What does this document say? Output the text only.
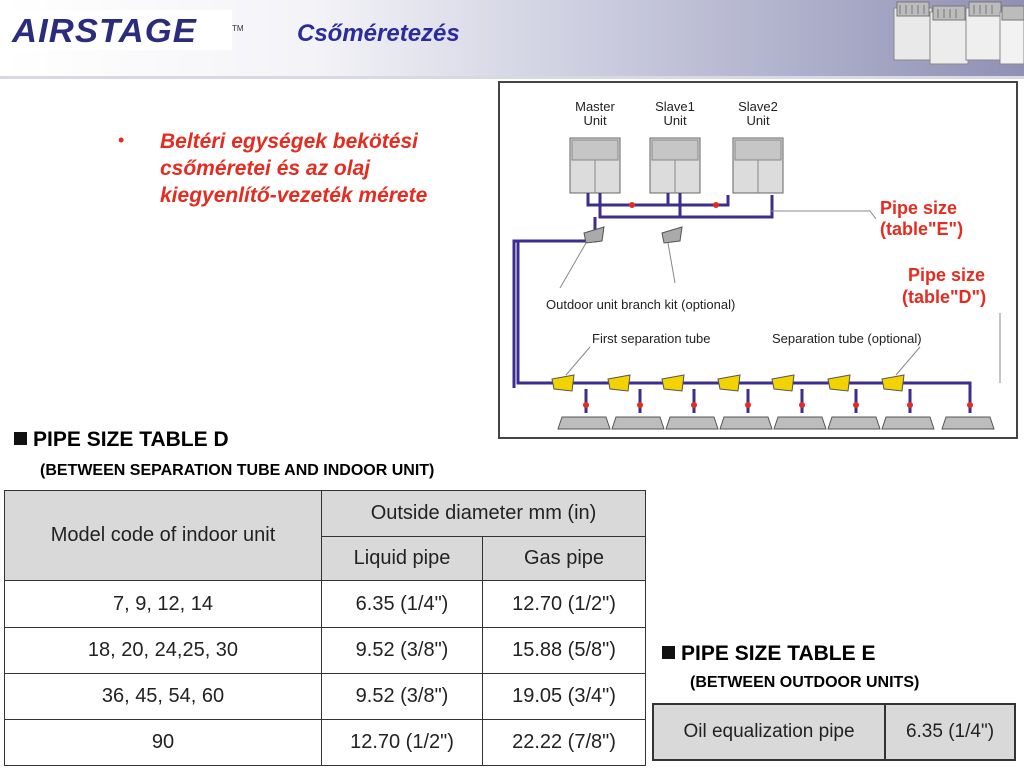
AIRSTAGE	TM Csőméretezés
• Beltéri egységek bekötési csőméretei és az olaj kiegyenlítő-vezeték mérete
Master
Unit
Slave1
Unit
Slave2
Unit
Pipe size
(table"E")
Pipe size
(table"D")
Outdoor unit branch kit (optional)
First separation tube	Separation tube (optional)
PIPE SIZE TABLE D
(BETWEEN SEPARATION TUBE AND INDOOR UNIT)
Model code of indoor unit	Outside diameter mm (in)	
	Liquid pipe	Gas pipe
7, 9, 12, 14	6.35 (1/4")	12.70 (1/2")
18, 20, 24,25, 30	9.52 (3/8")	15.88 (5/8")
36, 45, 54, 60	9.52 (3/8")	19.05 (3/4")
90	12.70 (1/2")	22.22 (7/8")
PIPE SIZE TABLE E
(BETWEEN OUTDOOR UNITS)
Oil equalization pipe	6.35 (1/4")
